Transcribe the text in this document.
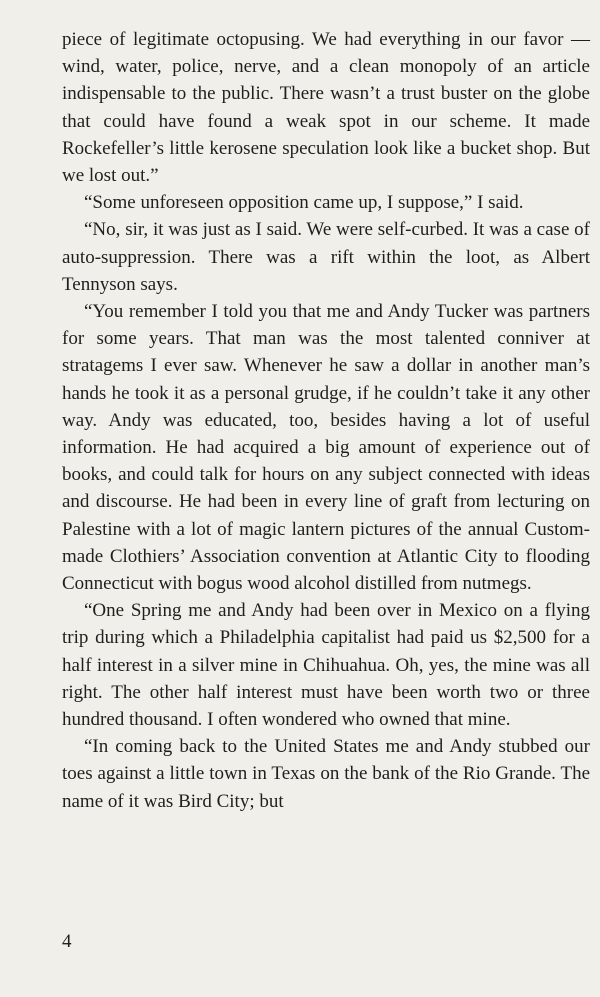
piece of legitimate octopusing. We had everything in our favor — wind, water, police, nerve, and a clean monopoly of an article indispensable to the public. There wasn’t a trust buster on the globe that could have found a weak spot in our scheme. It made Rockefeller’s little kerosene speculation look like a bucket shop. But we lost out.”

“Some unforeseen opposition came up, I suppose,” I said.

“No, sir, it was just as I said. We were self-curbed. It was a case of auto-suppression. There was a rift within the loot, as Albert Tennyson says.

“You remember I told you that me and Andy Tucker was partners for some years. That man was the most talented conniver at stratagems I ever saw. Whenever he saw a dollar in another man’s hands he took it as a personal grudge, if he couldn’t take it any other way. Andy was educated, too, besides having a lot of useful information. He had acquired a big amount of experience out of books, and could talk for hours on any subject connected with ideas and discourse. He had been in every line of graft from lecturing on Palestine with a lot of magic lantern pictures of the annual Custom-made Clothiers’ Association convention at Atlantic City to flooding Connecticut with bogus wood alcohol distilled from nutmegs.

“One Spring me and Andy had been over in Mexico on a flying trip during which a Philadelphia capitalist had paid us $2,500 for a half interest in a silver mine in Chihuahua. Oh, yes, the mine was all right. The other half interest must have been worth two or three hundred thousand. I often wondered who owned that mine.

“In coming back to the United States me and Andy stubbed our toes against a little town in Texas on the bank of the Rio Grande. The name of it was Bird City; but

4
